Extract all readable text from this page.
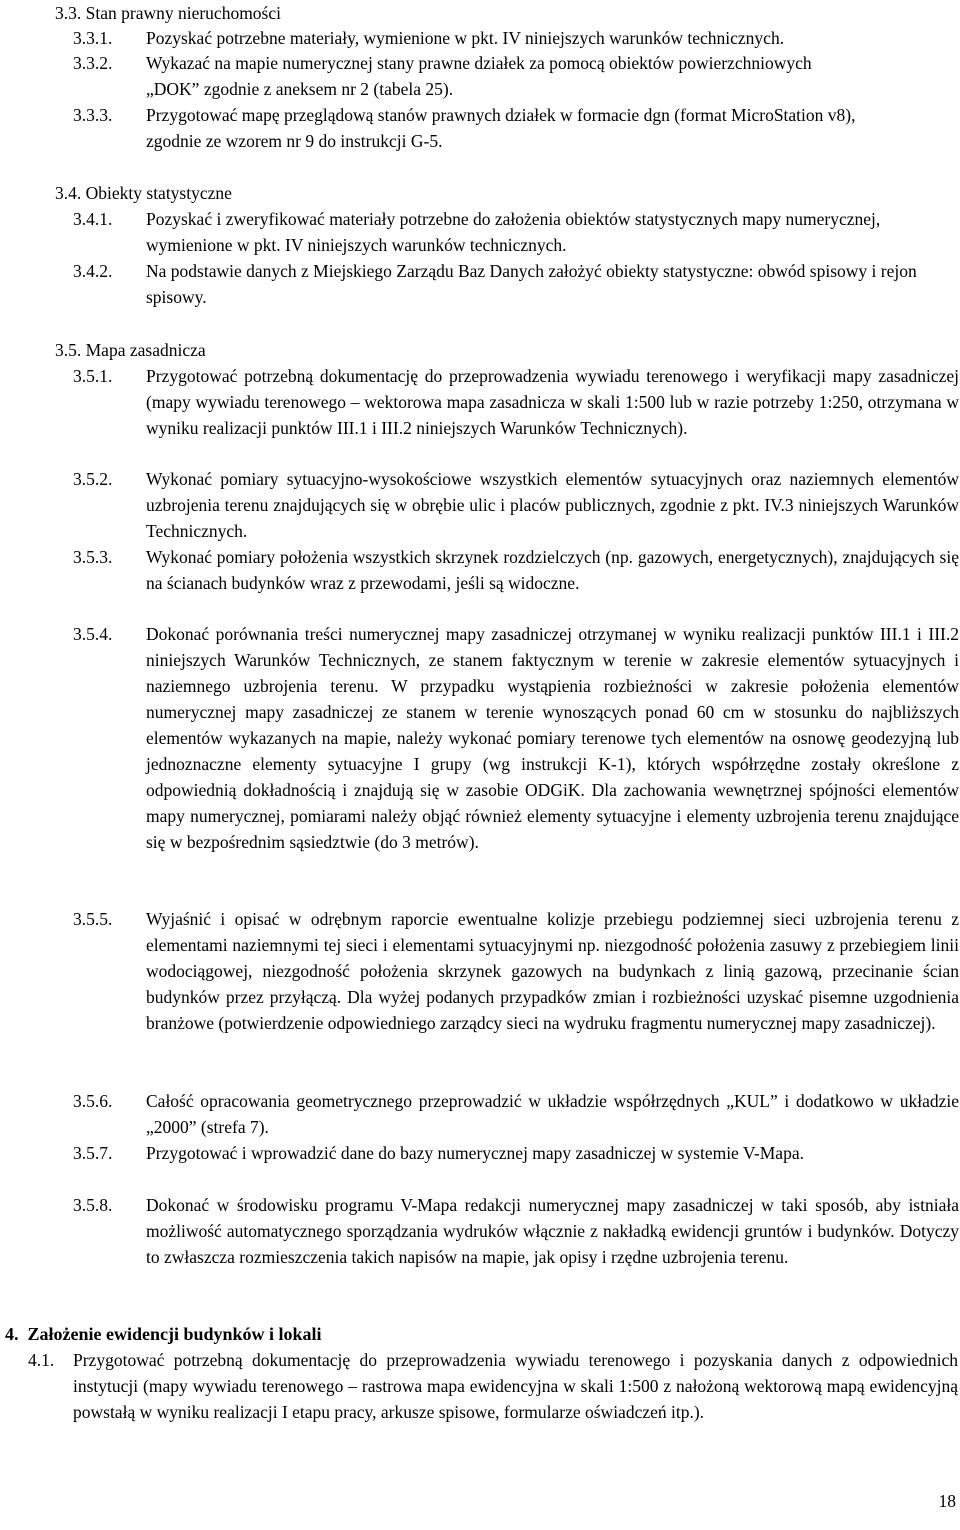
3.3. Stan prawny nieruchomości
3.3.1. Pozyskać potrzebne materiały, wymienione w pkt. IV niniejszych warunków technicznych.
3.3.2. Wykazać na mapie numerycznej stany prawne działek za pomocą obiektów powierzchniowych „DOK” zgodnie z aneksem nr 2 (tabela 25).
3.3.3. Przygotować mapę przeglądową stanów prawnych działek w formacie dgn (format MicroStation v8), zgodnie ze wzorem nr 9 do instrukcji G-5.
3.4. Obiekty statystyczne
3.4.1. Pozyskać i zweryfikować materiały potrzebne do założenia obiektów statystycznych mapy numerycznej, wymienione w pkt. IV niniejszych warunków technicznych.
3.4.2. Na podstawie danych z Miejskiego Zarządu Baz Danych założyć obiekty statystyczne: obwód spisowy i rejon spisowy.
3.5. Mapa zasadnicza
3.5.1. Przygotować potrzebną dokumentację do przeprowadzenia wywiadu terenowego i weryfikacji mapy zasadniczej (mapy wywiadu terenowego – wektorowa mapa zasadnicza w skali 1:500 lub w razie potrzeby 1:250, otrzymana w wyniku realizacji punktów III.1 i III.2 niniejszych Warunków Technicznych).
3.5.2. Wykonać pomiary sytuacyjno-wysokościowe wszystkich elementów sytuacyjnych oraz naziemnych elementów uzbrojenia terenu znajdujących się w obrębie ulic i placów publicznych, zgodnie z pkt. IV.3 niniejszych Warunków Technicznych.
3.5.3. Wykonać pomiary położenia wszystkich skrzynek rozdzielczych (np. gazowych, energetycznych), znajdujących się na ścianach budynków wraz z przewodami, jeśli są widoczne.
3.5.4. Dokonać porównania treści numerycznej mapy zasadniczej otrzymanej w wyniku realizacji punktów III.1 i III.2 niniejszych Warunków Technicznych, ze stanem faktycznym w terenie w zakresie elementów sytuacyjnych i naziemnego uzbrojenia terenu. W przypadku wystąpienia rozbieżności w zakresie położenia elementów numerycznej mapy zasadniczej ze stanem w terenie wynoszących ponad 60 cm w stosunku do najbliższych elementów wykazanych na mapie, należy wykonać pomiary terenowe tych elementów na osnowę geodezyjną lub jednoznaczne elementy sytuacyjne I grupy (wg instrukcji K-1), których współrzędne zostały określone z odpowiednią dokładnością i znajdują się w zasobie ODGiK. Dla zachowania wewnętrznej spójności elementów mapy numerycznej, pomiarami należy objąć również elementy sytuacyjne i elementy uzbrojenia terenu znajdujące się w bezpośrednim sąsiedztwie (do 3 metrów).
3.5.5. Wyjaśnić i opisać w odrębnym raporcie ewentualne kolizje przebiegu podziemnej sieci uzbrojenia terenu z elementami naziemnymi tej sieci i elementami sytuacyjnymi np. niezgodność położenia zasuwy z przebiegiem linii wodociągowej, niezgodność położenia skrzynek gazowych na budynkach z linią gazową, przecinanie ścian budynków przez przyłączą. Dla wyżej podanych przypadków zmian i rozbieżności uzyskać pisemne uzgodnienia branżowe (potwierdzenie odpowiedniego zarządcy sieci na wydruku fragmentu numerycznej mapy zasadniczej).
3.5.6. Całość opracowania geometrycznego przeprowadzić w układzie współrzędnych „KUL” i dodatkowo w układzie „2000” (strefa 7).
3.5.7. Przygotować i wprowadzić dane do bazy numerycznej mapy zasadniczej w systemie V-Mapa.
3.5.8. Dokonać w środowisku programu V-Mapa redakcji numerycznej mapy zasadniczej w taki sposób, aby istniała możliwość automatycznego sporządzania wydruków włącznie z nakładką ewidencji gruntów i budynków. Dotyczy to zwłaszcza rozmieszczenia takich napisów na mapie, jak opisy i rzędne uzbrojenia terenu.
4.  Założenie ewidencji budynków i lokali
4.1. Przygotować potrzebną dokumentację do przeprowadzenia wywiadu terenowego i pozyskania danych z odpowiednich instytucji (mapy wywiadu terenowego – rastrowa mapa ewidencyjna w skali 1:500 z nałożoną wektorową mapą ewidencyjną powstałą w wyniku realizacji I etapu pracy, arkusze spisowe, formularze oświadczeń itp.).
18
